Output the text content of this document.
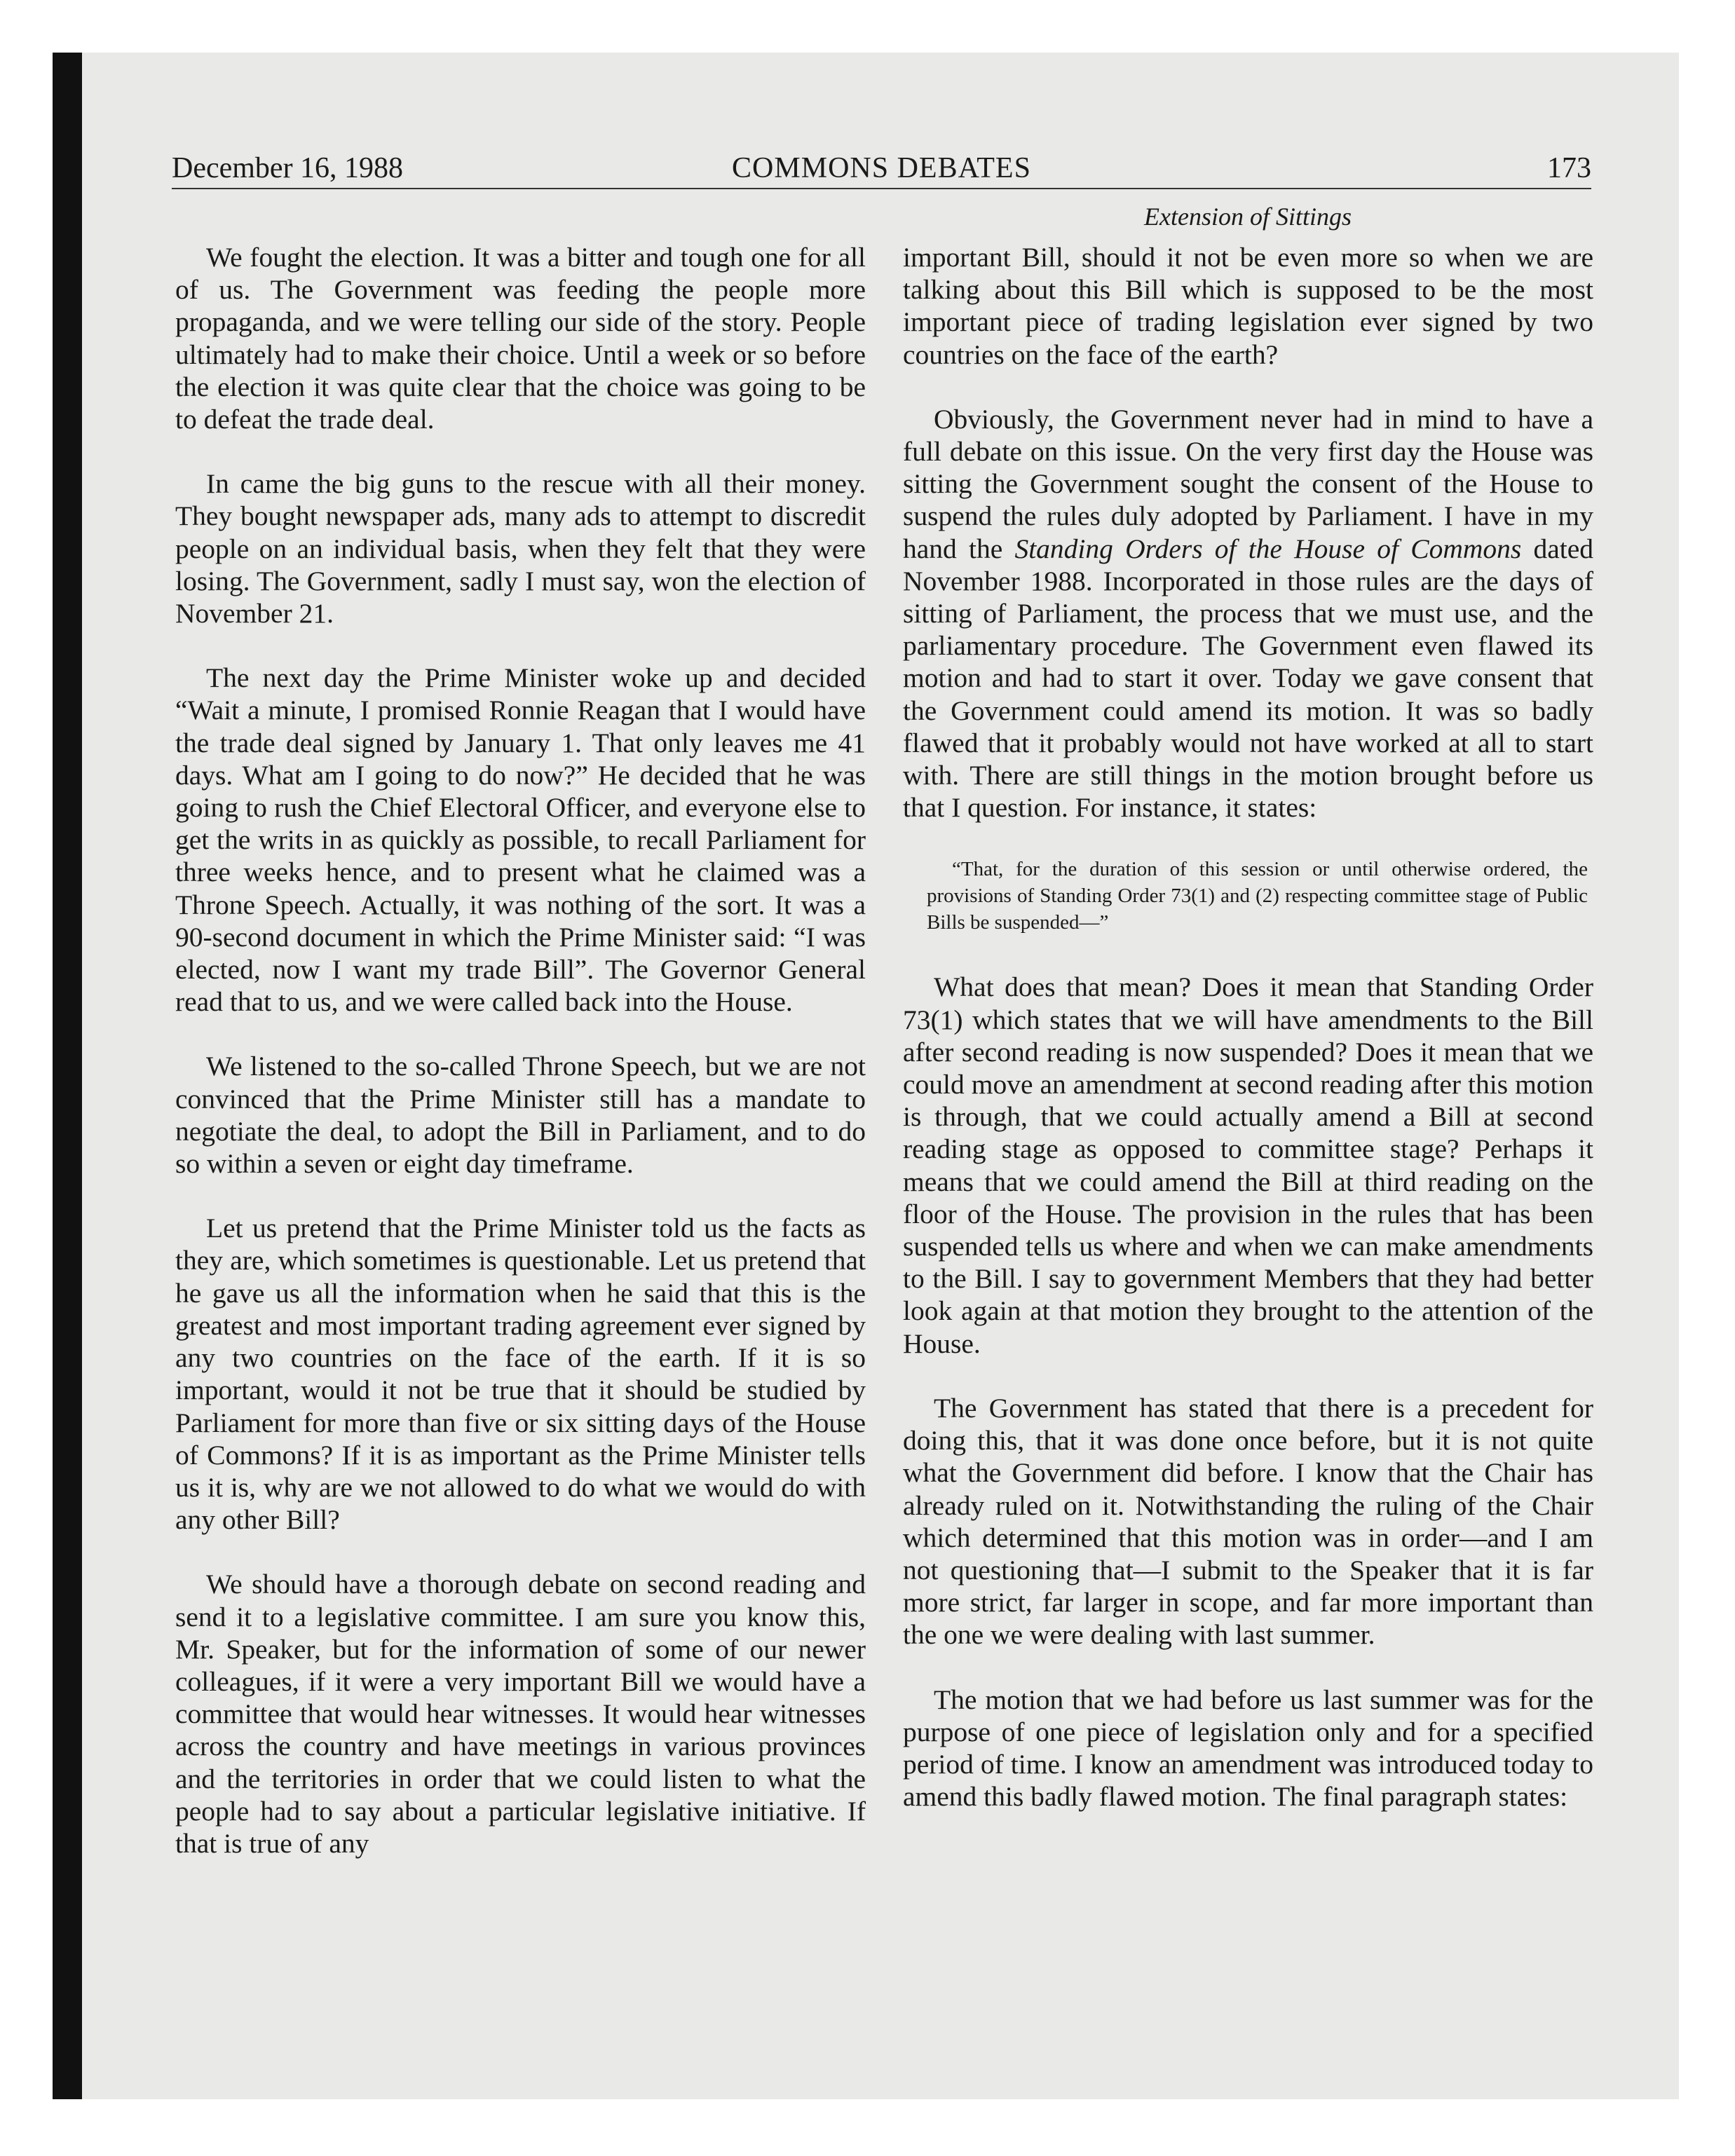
December 16, 1988	COMMONS DEBATES	173
Extension of Sittings

We fought the election. It was a bitter and tough one for all of us. The Government was feeding the people more propaganda, and we were telling our side of the story. People ultimately had to make their choice. Until a week or so before the election it was quite clear that the choice was going to be to defeat the trade deal.

In came the big guns to the rescue with all their money. They bought newspaper ads, many ads to attempt to discredit people on an individual basis, when they felt that they were losing. The Government, sadly I must say, won the election of November 21.

The next day the Prime Minister woke up and decided “Wait a minute, I promised Ronnie Reagan that I would have the trade deal signed by January 1. That only leaves me 41 days. What am I going to do now?” He decided that he was going to rush the Chief Electoral Officer, and everyone else to get the writs in as quickly as possible, to recall Parliament for three weeks hence, and to present what he claimed was a Throne Speech. Actually, it was nothing of the sort. It was a 90-second document in which the Prime Minister said: “I was elected, now I want my trade Bill”. The Governor General read that to us, and we were called back into the House.

We listened to the so-called Throne Speech, but we are not convinced that the Prime Minister still has a mandate to negotiate the deal, to adopt the Bill in Parliament, and to do so within a seven or eight day timeframe.

Let us pretend that the Prime Minister told us the facts as they are, which sometimes is questionable. Let us pretend that he gave us all the information when he said that this is the greatest and most important trading agreement ever signed by any two countries on the face of the earth. If it is so important, would it not be true that it should be studied by Parliament for more than five or six sitting days of the House of Commons? If it is as important as the Prime Minister tells us it is, why are we not allowed to do what we would do with any other Bill?

We should have a thorough debate on second reading and send it to a legislative committee. I am sure you know this, Mr. Speaker, but for the information of some of our newer colleagues, if it were a very important Bill we would have a committee that would hear witnesses. It would hear witnesses across the country and have meetings in various provinces and the territories in order that we could listen to what the people had to say about a particular legislative initiative. If that is true of any

important Bill, should it not be even more so when we are talking about this Bill which is supposed to be the most important piece of trading legislation ever signed by two countries on the face of the earth?

Obviously, the Government never had in mind to have a full debate on this issue. On the very first day the House was sitting the Government sought the consent of the House to suspend the rules duly adopted by Parliament. I have in my hand the Standing Orders of the House of Commons dated November 1988. Incorporated in those rules are the days of sitting of Parliament, the process that we must use, and the parliamentary procedure. The Government even flawed its motion and had to start it over. Today we gave consent that the Government could amend its motion. It was so badly flawed that it probably would not have worked at all to start with. There are still things in the motion brought before us that I question. For instance, it states:

“That, for the duration of this session or until otherwise ordered, the provisions of Standing Order 73(1) and (2) respecting committee stage of Public Bills be suspended—”

What does that mean? Does it mean that Standing Order 73(1) which states that we will have amendments to the Bill after second reading is now suspended? Does it mean that we could move an amendment at second reading after this motion is through, that we could actually amend a Bill at second reading stage as opposed to committee stage? Perhaps it means that we could amend the Bill at third reading on the floor of the House. The provision in the rules that has been suspended tells us where and when we can make amendments to the Bill. I say to government Members that they had better look again at that motion they brought to the attention of the House.

The Government has stated that there is a precedent for doing this, that it was done once before, but it is not quite what the Government did before. I know that the Chair has already ruled on it. Notwithstanding the ruling of the Chair which determined that this motion was in order—and I am not questioning that—I submit to the Speaker that it is far more strict, far larger in scope, and far more important than the one we were dealing with last summer.

The motion that we had before us last summer was for the purpose of one piece of legislation only and for a specified period of time. I know an amendment was introduced today to amend this badly flawed motion. The final paragraph states:
